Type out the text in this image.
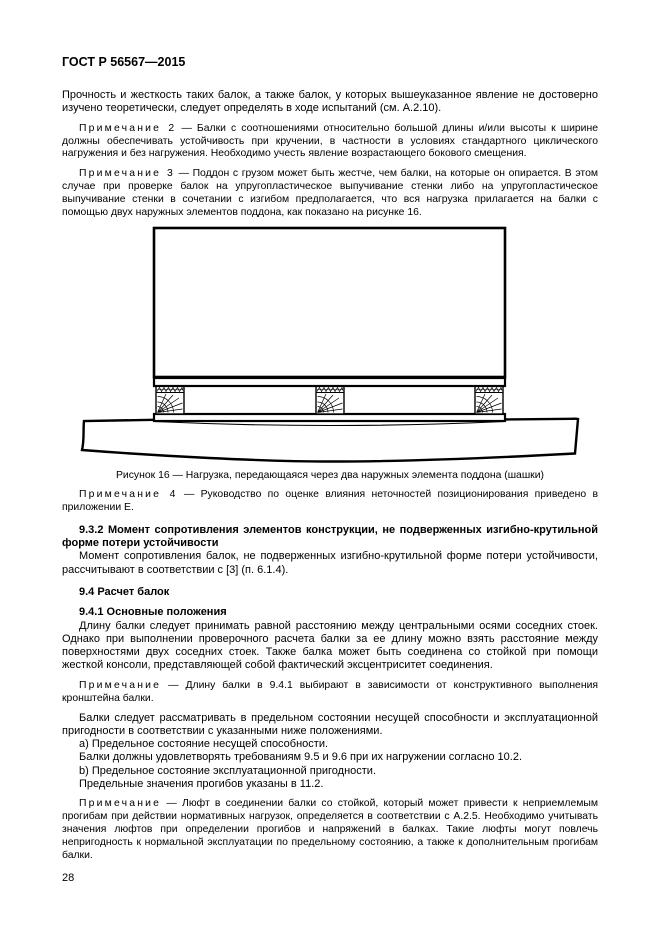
ГОСТ Р 56567—2015

Прочность и жесткость таких балок, а также балок, у которых вышеуказанное явление не достоверно изучено теоретически, следует определять в ходе испытаний (см. А.2.10).

Примечание 2 — Балки с соотношениями относительно большой длины и/или высоты к ширине должны обеспечивать устойчивость при кручении, в частности в условиях стандартного циклического нагружения и без нагружения. Необходимо учесть явление возрастающего бокового смещения.

Примечание 3 — Поддон с грузом может быть жестче, чем балки, на которые он опирается. В этом случае при проверке балок на упругопластическое выпучивание стенки либо на упругопластическое выпучивание стенки в сочетании с изгибом предполагается, что вся нагрузка прилагается на балки с помощью двух наружных элементов поддона, как показано на рисунке 16.

Рисунок 16 — Нагрузка, передающаяся через два наружных элемента поддона (шашки)

Примечание 4 — Руководство по оценке влияния неточностей позиционирования приведено в приложении Е.

9.3.2 Момент сопротивления элементов конструкции, не подверженных изгибно-крутильной форме потери устойчивости

Момент сопротивления балок, не подверженных изгибно-крутильной форме потери устойчивости, рассчитывают в соответствии с [3] (п. 6.1.4).

9.4 Расчет балок

9.4.1 Основные положения

Длину балки следует принимать равной расстоянию между центральными осями соседних стоек. Однако при выполнении проверочного расчета балки за ее длину можно взять расстояние между поверхностями двух соседних стоек. Также балка может быть соединена со стойкой при помощи жесткой консоли, представляющей собой фактический эксцентриситет соединения.

Примечание — Длину балки в 9.4.1 выбирают в зависимости от конструктивного выполнения кронштейна балки.

Балки следует рассматривать в предельном состоянии несущей способности и эксплуатационной пригодности в соответствии с указанными ниже положениями.

a) Предельное состояние несущей способности.

Балки должны удовлетворять требованиям 9.5 и 9.6 при их нагружении согласно 10.2.

b) Предельное состояние эксплуатационной пригодности.

Предельные значения прогибов указаны в 11.2.

Примечание — Люфт в соединении балки со стойкой, который может привести к неприемлемым прогибам при действии нормативных нагрузок, определяется в соответствии с А.2.5. Необходимо учитывать значения люфтов при определении прогибов и напряжений в балках. Такие люфты могут повлечь непригодность к нормальной эксплуатации по предельному состоянию, а также к дополнительным прогибам балки.

28
